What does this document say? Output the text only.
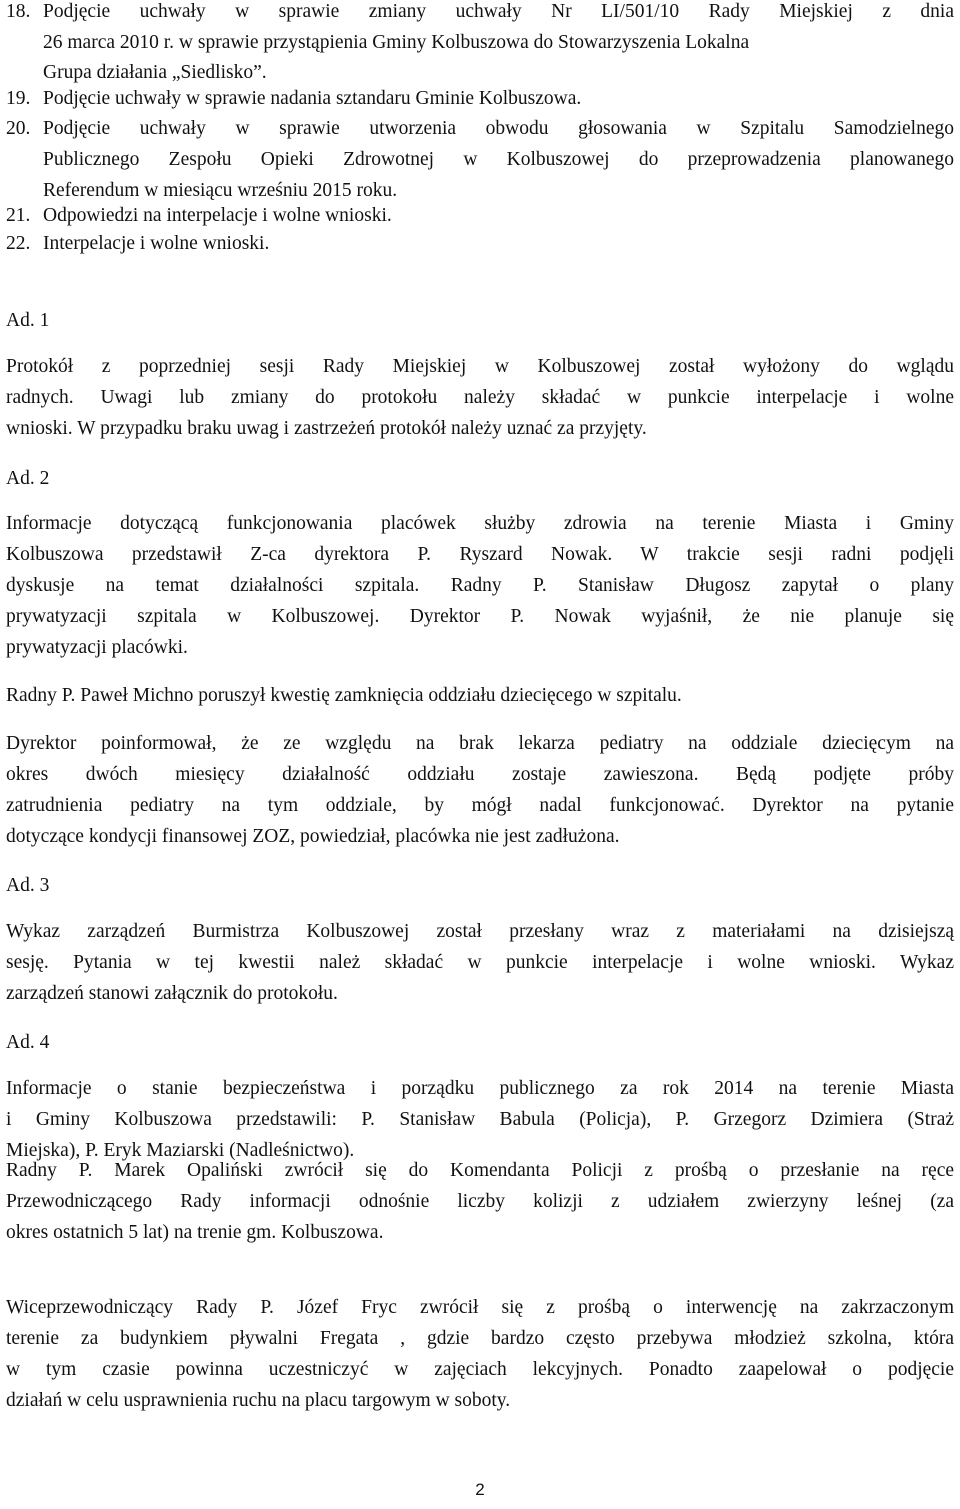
18. Podjęcie uchwały w sprawie zmiany uchwały Nr LI/501/10 Rady Miejskiej z dnia
26 marca 2010 r. w sprawie przystąpienia Gminy Kolbuszowa do Stowarzyszenia Lokalna
Grupa działania „Siedlisko”.
19. Podjęcie uchwały w sprawie nadania sztandaru Gminie Kolbuszowa.
20. Podjęcie uchwały w sprawie utworzenia obwodu głosowania w Szpitalu Samodzielnego
Publicznego Zespołu Opieki Zdrowotnej w Kolbuszowej do przeprowadzenia planowanego
Referendum w miesiącu wrześniu 2015 roku.
21. Odpowiedzi na interpelacje i wolne wnioski.
22. Interpelacje i wolne wnioski.
Ad. 1
Protokół z poprzedniej sesji Rady Miejskiej w Kolbuszowej został wyłożony do wglądu
radnych. Uwagi lub zmiany do protokołu należy składać w punkcie interpelacje i wolne
wnioski. W przypadku braku uwag i zastrzeżeń protokół należy uznać za przyjęty.
Ad. 2
Informacje dotyczącą funkcjonowania placówek służby zdrowia na terenie Miasta i Gminy
Kolbuszowa przedstawił Z-ca dyrektora P. Ryszard Nowak. W trakcie sesji radni podjęli
dyskusje na temat działalności szpitala. Radny P. Stanisław Długosz zapytał o plany
prywatyzacji szpitala w Kolbuszowej. Dyrektor P. Nowak wyjaśnił, że nie planuje się
prywatyzacji placówki.
Radny P. Paweł Michno poruszył kwestię zamknięcia oddziału dziecięcego w szpitalu.
Dyrektor poinformował, że ze względu na brak lekarza pediatry na oddziale dziecięcym na
okres dwóch miesięcy działalność oddziału zostaje zawieszona. Będą podjęte próby
zatrudnienia pediatry na tym oddziale, by mógł nadal funkcjonować. Dyrektor na pytanie
dotyczące kondycji finansowej ZOZ, powiedział, placówka nie jest zadłużona.
Ad. 3
Wykaz zarządzeń Burmistrza Kolbuszowej został przesłany wraz z materiałami na dzisiejszą
sesję. Pytania w tej kwestii należ składać w punkcie interpelacje i wolne wnioski. Wykaz
zarządzeń stanowi załącznik do protokołu.
Ad. 4
Informacje o stanie bezpieczeństwa i porządku publicznego za rok 2014 na terenie Miasta
i Gminy Kolbuszowa przedstawili: P. Stanisław Babula (Policja), P. Grzegorz Dzimiera (Straż
Miejska), P. Eryk Maziarski (Nadleśnictwo).
Radny P. Marek Opaliński zwrócił się do Komendanta Policji z prośbą o przesłanie na ręce
Przewodniczącego Rady informacji odnośnie liczby kolizji z udziałem zwierzyny leśnej (za
okres ostatnich 5 lat) na trenie gm. Kolbuszowa.
Wiceprzewodniczący Rady P. Józef Fryc zwrócił się z prośbą o interwencję na zakrzaczonym
terenie za budynkiem pływalni Fregata , gdzie bardzo często przebywa młodzież szkolna, która
w tym czasie powinna uczestniczyć w zajęciach lekcyjnych. Ponadto zaapelował o podjęcie
działań w celu usprawnienia ruchu na placu targowym w soboty.
2
